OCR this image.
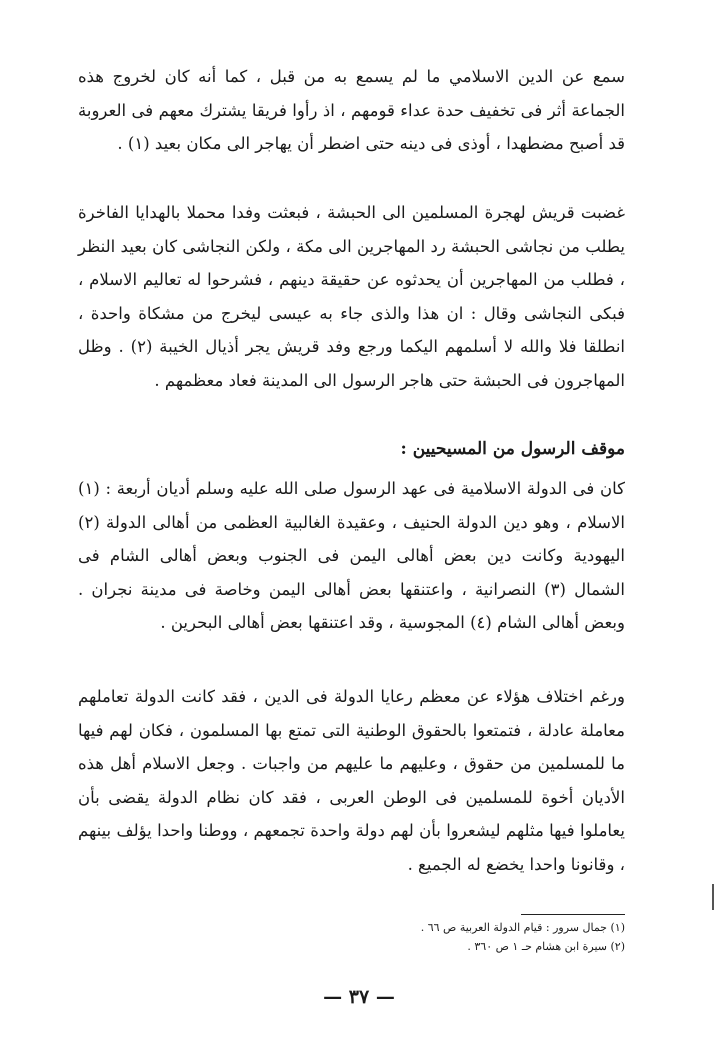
سمع عن الدين الاسلامي ما لم يسمع به من قبل ، كما أنه كان لخروج هذه الجماعة أثر فى تخفيف حدة عداء قومهم ، اذ رأوا فريقا يشترك معهم فى العروبة قد أصبح مضطهدا ، أوذى فى دينه حتى اضطر أن يهاجر الى مكان بعيد (١) .

غضبت قريش لهجرة المسلمين الى الحبشة ، فبعثت وفدا محملا بالهدايا الفاخرة يطلب من نجاشى الحبشة رد المهاجرين الى مكة ، ولكن النجاشى كان بعيد النظر ، فطلب من المهاجرين أن يحدثوه عن حقيقة دينهم ، فشرحوا له تعاليم الاسلام ، فبكى النجاشى وقال : ان هذا والذى جاء به عيسى ليخرج من مشكاة واحدة ، انطلقا فلا والله لا أسلمهم اليكما ورجع وفد قريش يجر أذيال الخيبة (٢) . وظل المهاجرون فى الحبشة حتى هاجر الرسول الى المدينة فعاد معظمهم .

موقف الرسول من المسيحيين :

كان فى الدولة الاسلامية فى عهد الرسول صلى الله عليه وسلم أديان أربعة : (١) الاسلام ، وهو دين الدولة الحنيف ، وعقيدة الغالبية العظمى من أهالى الدولة (٢) اليهودية وكانت دين بعض أهالى اليمن فى الجنوب وبعض أهالى الشام فى الشمال (٣) النصرانية ، واعتنقها بعض أهالى اليمن وخاصة فى مدينة نجران . وبعض أهالى الشام (٤) المجوسية ، وقد اعتنقها بعض أهالى البحرين .

ورغم اختلاف هؤلاء عن معظم رعايا الدولة فى الدين ، فقد كانت الدولة تعاملهم معاملة عادلة ، فتمتعوا بالحقوق الوطنية التى تمتع بها المسلمون ، فكان لهم فيها ما للمسلمين من حقوق ، وعليهم ما عليهم من واجبات . وجعل الاسلام أهل هذه الأديان أخوة للمسلمين فى الوطن العربى ، فقد كان نظام الدولة يقضى بأن يعاملوا فيها مثلهم ليشعروا بأن لهم دولة واحدة تجمعهم ، ووطنا واحدا يؤلف بينهم ، وقانونا واحدا يخضع له الجميع .

(١) جمال سرور : قيام الدولة العربية ص ٦٦ .
(٢) سيرة ابن هشام حـ ١ ص ٣٦٠ .
— ٣٧ —
